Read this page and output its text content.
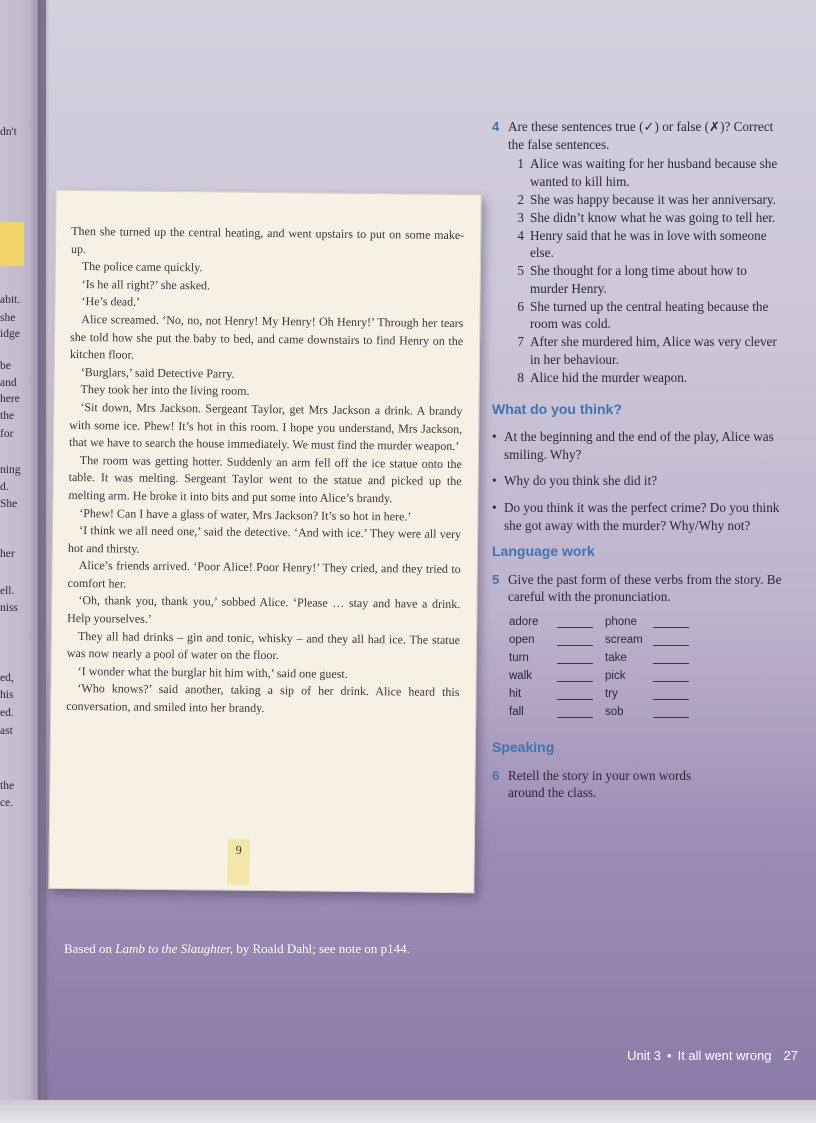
dn't
abit.
she
idge
be
and
here
the
for
ning
d.
She
her
ell.
niss
ed,
his
ed.
ast
the
ce.

Then she turned up the central heating, and went upstairs to put on some make-up.

The police came quickly.

‘Is he all right?’ she asked.

‘He’s dead.’

Alice screamed. ‘No, no, not Henry! My Henry! Oh Henry!’ Through her tears she told how she put the baby to bed, and came downstairs to find Henry on the kitchen floor.

‘Burglars,’ said Detective Parry.

They took her into the living room.

‘Sit down, Mrs Jackson. Sergeant Taylor, get Mrs Jackson a drink. A brandy with some ice. Phew! It’s hot in this room. I hope you understand, Mrs Jackson, that we have to search the house immediately. We must find the murder weapon.’

The room was getting hotter. Suddenly an arm fell off the ice statue onto the table. It was melting. Sergeant Taylor went to the statue and picked up the melting arm. He broke it into bits and put some into Alice’s brandy.

‘Phew! Can I have a glass of water, Mrs Jackson? It’s so hot in here.’

‘I think we all need one,’ said the detective. ‘And with ice.’ They were all very hot and thirsty.

Alice’s friends arrived. ‘Poor Alice! Poor Henry!’ They cried, and they tried to comfort her.

‘Oh, thank you, thank you,’ sobbed Alice. ‘Please … stay and have a drink. Help yourselves.’

They all had drinks – gin and tonic, whisky – and they all had ice. The statue was now nearly a pool of water on the floor.

‘I wonder what the burglar hit him with,’ said one guest.

‘Who knows?’ said another, taking a sip of her drink. Alice heard this conversation, and smiled into her brandy.

9
Based on Lamb to the Slaughter, by Roald Dahl; see note on p144.
4 Are these sentences true (✓) or false (✗)? Correct the false sentences.
1 Alice was waiting for her husband because she wanted to kill him.
2 She was happy because it was her anniversary.
3 She didn’t know what he was going to tell her.
4 Henry said that he was in love with someone else.
5 She thought for a long time about how to murder Henry.
6 She turned up the central heating because the room was cold.
7 After she murdered him, Alice was very clever in her behaviour.
8 Alice hid the murder weapon.
What do you think?
• At the beginning and the end of the play, Alice was smiling. Why?
• Why do you think she did it?
• Do you think it was the perfect crime? Do you think she got away with the murder? Why/Why not?
Language work
5 Give the past form of these verbs from the story. Be careful with the pronunciation.
adore	phone
open	scream
turn	take
walk	pick
hit	try
fall	sob
Speaking
6 Retell the story in your own words around the class.
Unit 3 • It all went wrong 27
